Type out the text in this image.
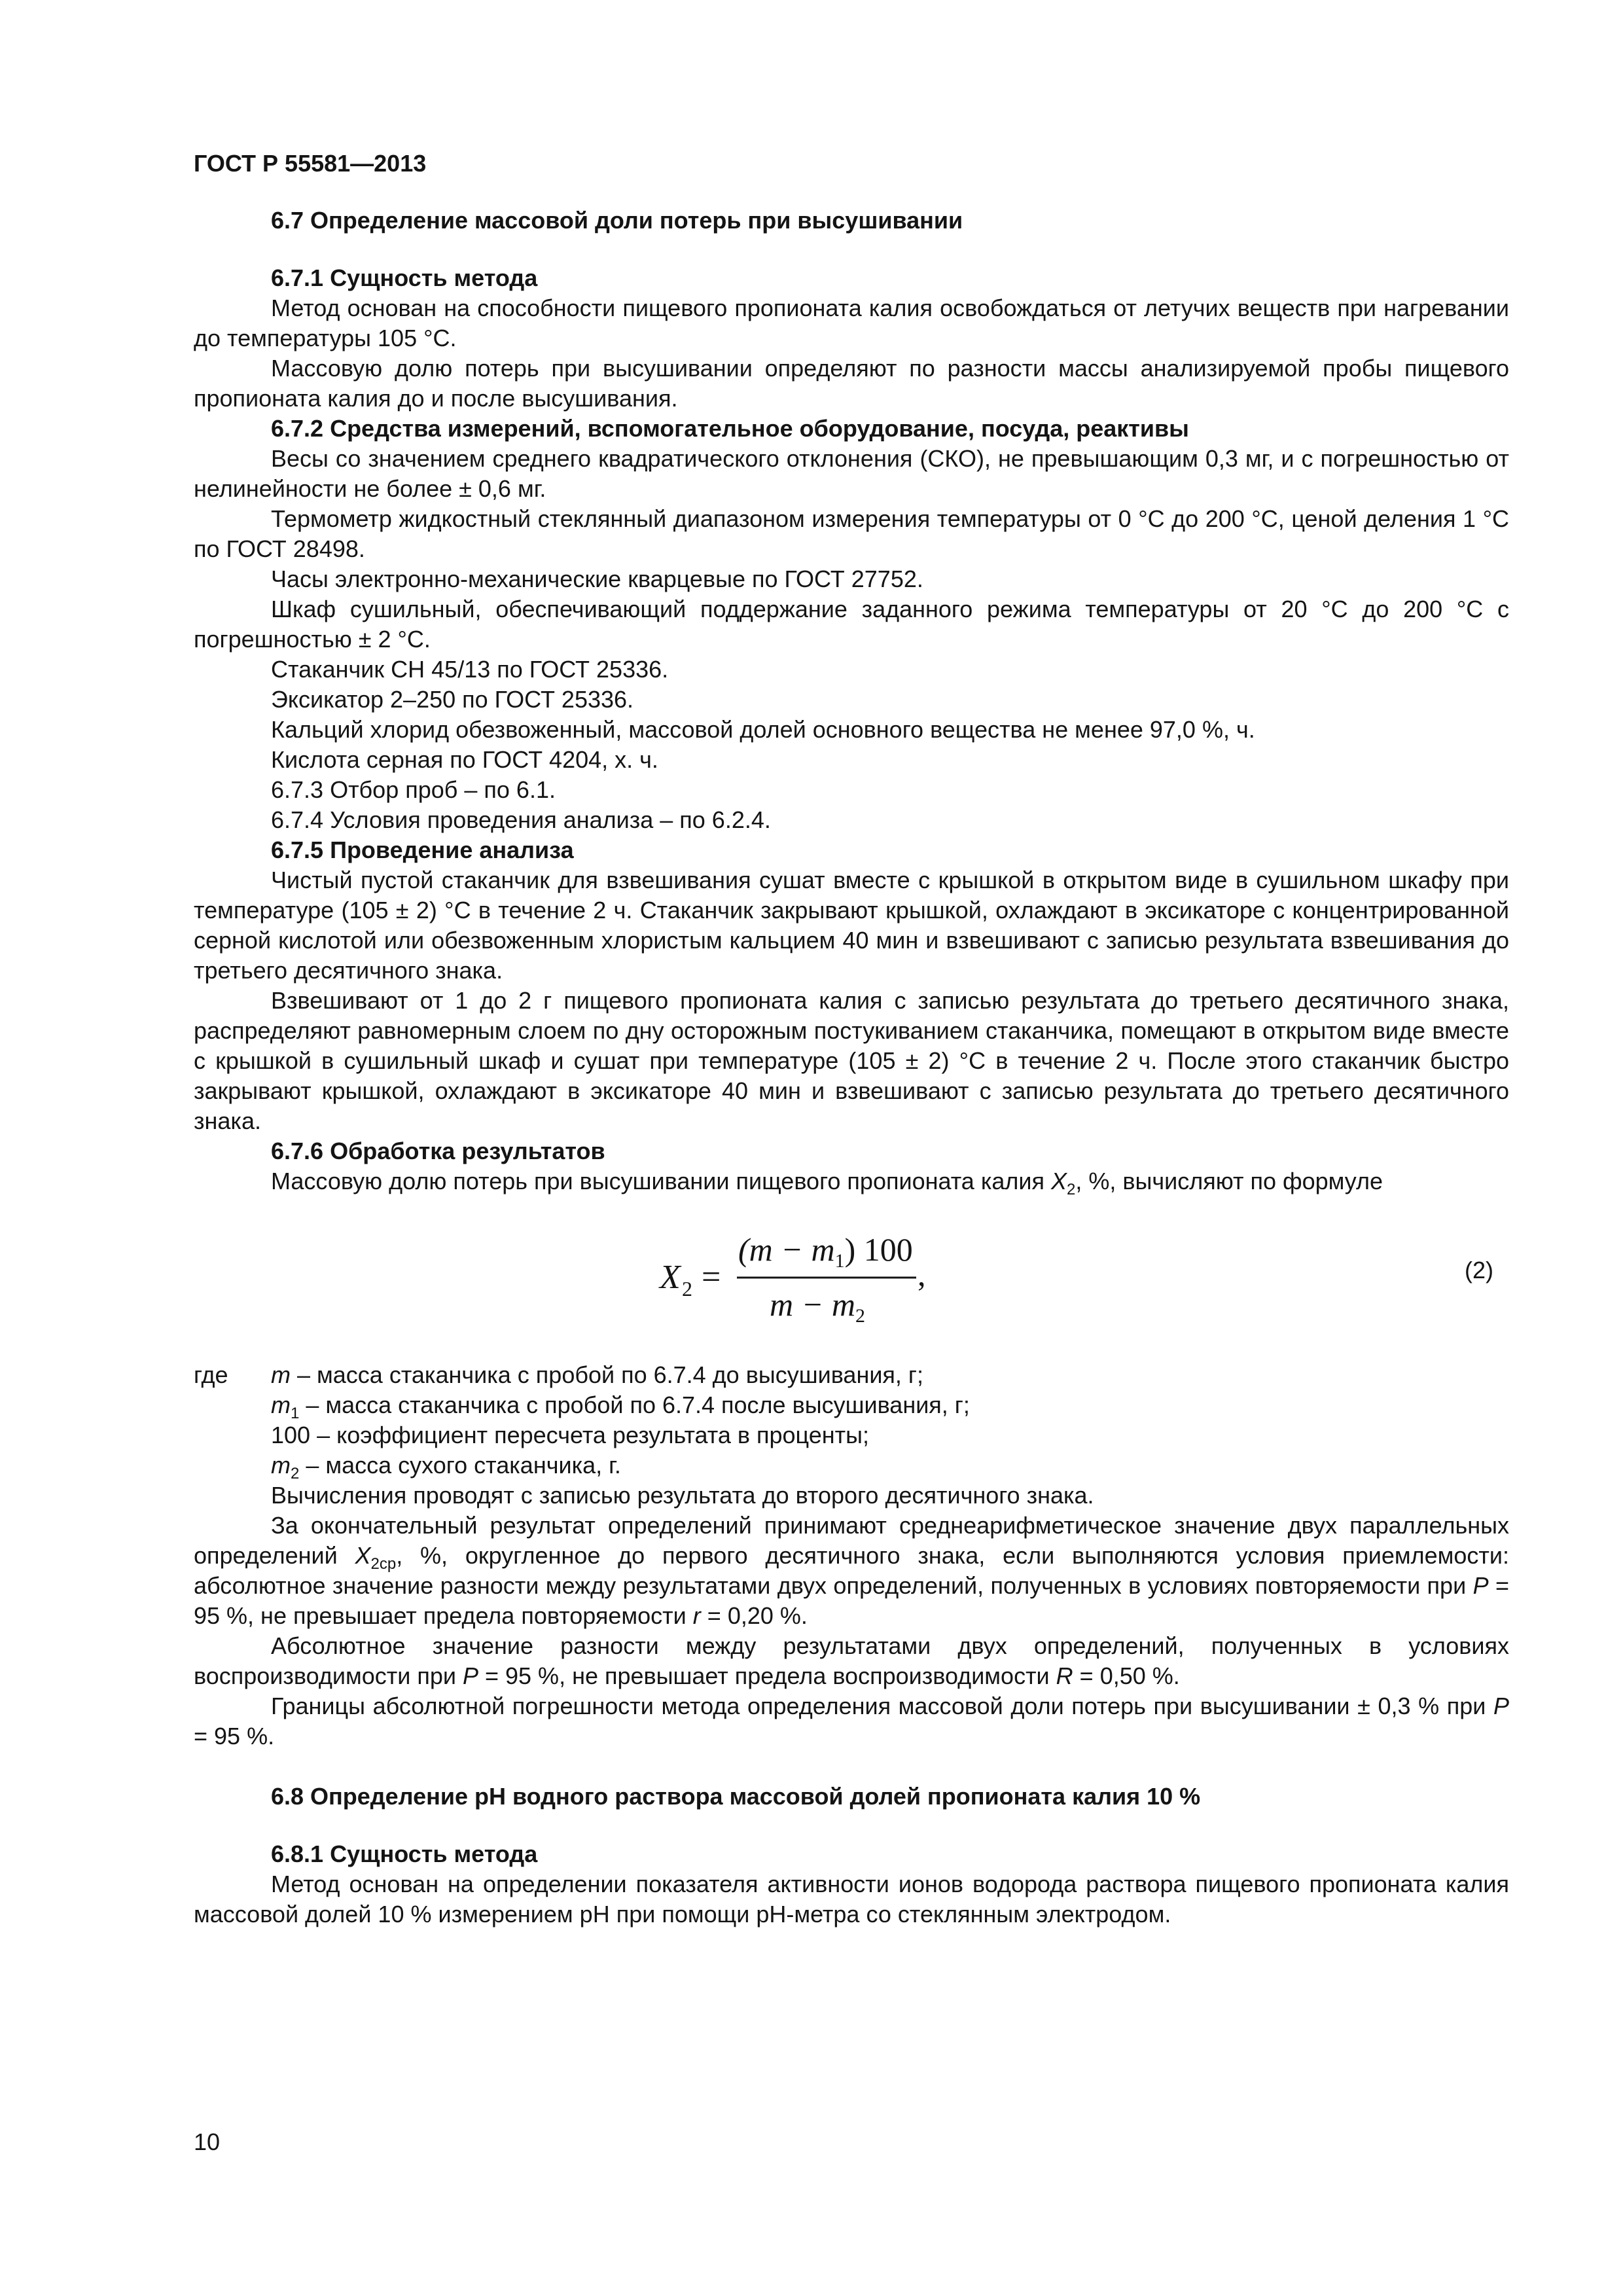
ГОСТ Р 55581—2013
6.7 Определение массовой доли потерь при высушивании
6.7.1 Сущность метода

Метод основан на способности пищевого пропионата калия освобождаться от летучих веществ при нагревании до температуры 105 °С.

Массовую долю потерь при высушивании определяют по разности массы анализируемой пробы пищевого пропионата калия до и после высушивания.

6.7.2 Средства измерений, вспомогательное оборудование, посуда, реактивы

Весы со значением среднего квадратического отклонения (СКО), не превышающим 0,3 мг, и с погрешностью от нелинейности не более ± 0,6 мг.

Термометр жидкостный стеклянный диапазоном измерения температуры от 0 °С до 200 °С, ценой деления 1 °С по ГОСТ 28498.

Часы электронно-механические кварцевые по ГОСТ 27752.

Шкаф сушильный, обеспечивающий поддержание заданного режима температуры от 20 °С до 200 °С с погрешностью ± 2 °С.

Стаканчик СН 45/13 по ГОСТ 25336.

Эксикатор 2–250 по ГОСТ 25336.

Кальций хлорид обезвоженный, массовой долей основного вещества не менее 97,0 %, ч.

Кислота серная по ГОСТ 4204, х. ч.

6.7.3 Отбор проб – по 6.1.

6.7.4 Условия проведения анализа – по 6.2.4.

6.7.5 Проведение анализа

Чистый пустой стаканчик для взвешивания сушат вместе с крышкой в открытом виде в сушильном шкафу при температуре (105 ± 2) °С в течение 2 ч. Стаканчик закрывают крышкой, охлаждают в эксикаторе с концентрированной серной кислотой или обезвоженным хлористым кальцием 40 мин и взвешивают с записью результата взвешивания до третьего десятичного знака.

Взвешивают от 1 до 2 г пищевого пропионата калия с записью результата до третьего десятичного знака, распределяют равномерным слоем по дну осторожным постукиванием стаканчика, помещают в открытом виде вместе с крышкой в сушильный шкаф и сушат при температуре (105 ± 2) °С в течение 2 ч. После этого стаканчик быстро закрывают крышкой, охлаждают в эксикаторе 40 мин и взвешивают с записью результата до третьего десятичного знака.

6.7.6 Обработка результатов

Массовую долю потерь при высушивании пищевого пропионата калия $X_2$, %, вычисляют по формуле

X 2 =
$(m - m_1)$ 100
,
$m - m_2$
(2)
где m – масса стаканчика с пробой по 6.7.4 до высушивания, г;

$m_1$ – масса стаканчика с пробой по 6.7.4 после высушивания, г;

100 – коэффициент пересчета результата в проценты;

$m_2$ – масса сухого стаканчика, г.

Вычисления проводят с записью результата до второго десятичного знака.

За окончательный результат определений принимают среднеарифметическое значение двух параллельных определений $X_{2ср}$, %, округленное до первого десятичного знака, если выполняются условия приемлемости: абсолютное значение разности между результатами двух определений, полученных в условиях повторяемости при P = 95 %, не превышает предела повторяемости r = 0,20 %.

Абсолютное значение разности между результатами двух определений, полученных в условиях воспроизводимости при P = 95 %, не превышает предела воспроизводимости R = 0,50 %.

Границы абсолютной погрешности метода определения массовой доли потерь при высушивании ± 0,3 % при P = 95 %.

6.8 Определение рН водного раствора массовой долей пропионата калия 10 %
6.8.1 Сущность метода

Метод основан на определении показателя активности ионов водорода раствора пищевого пропионата калия массовой долей 10 % измерением рН при помощи рН-метра со стеклянным электродом.

10
